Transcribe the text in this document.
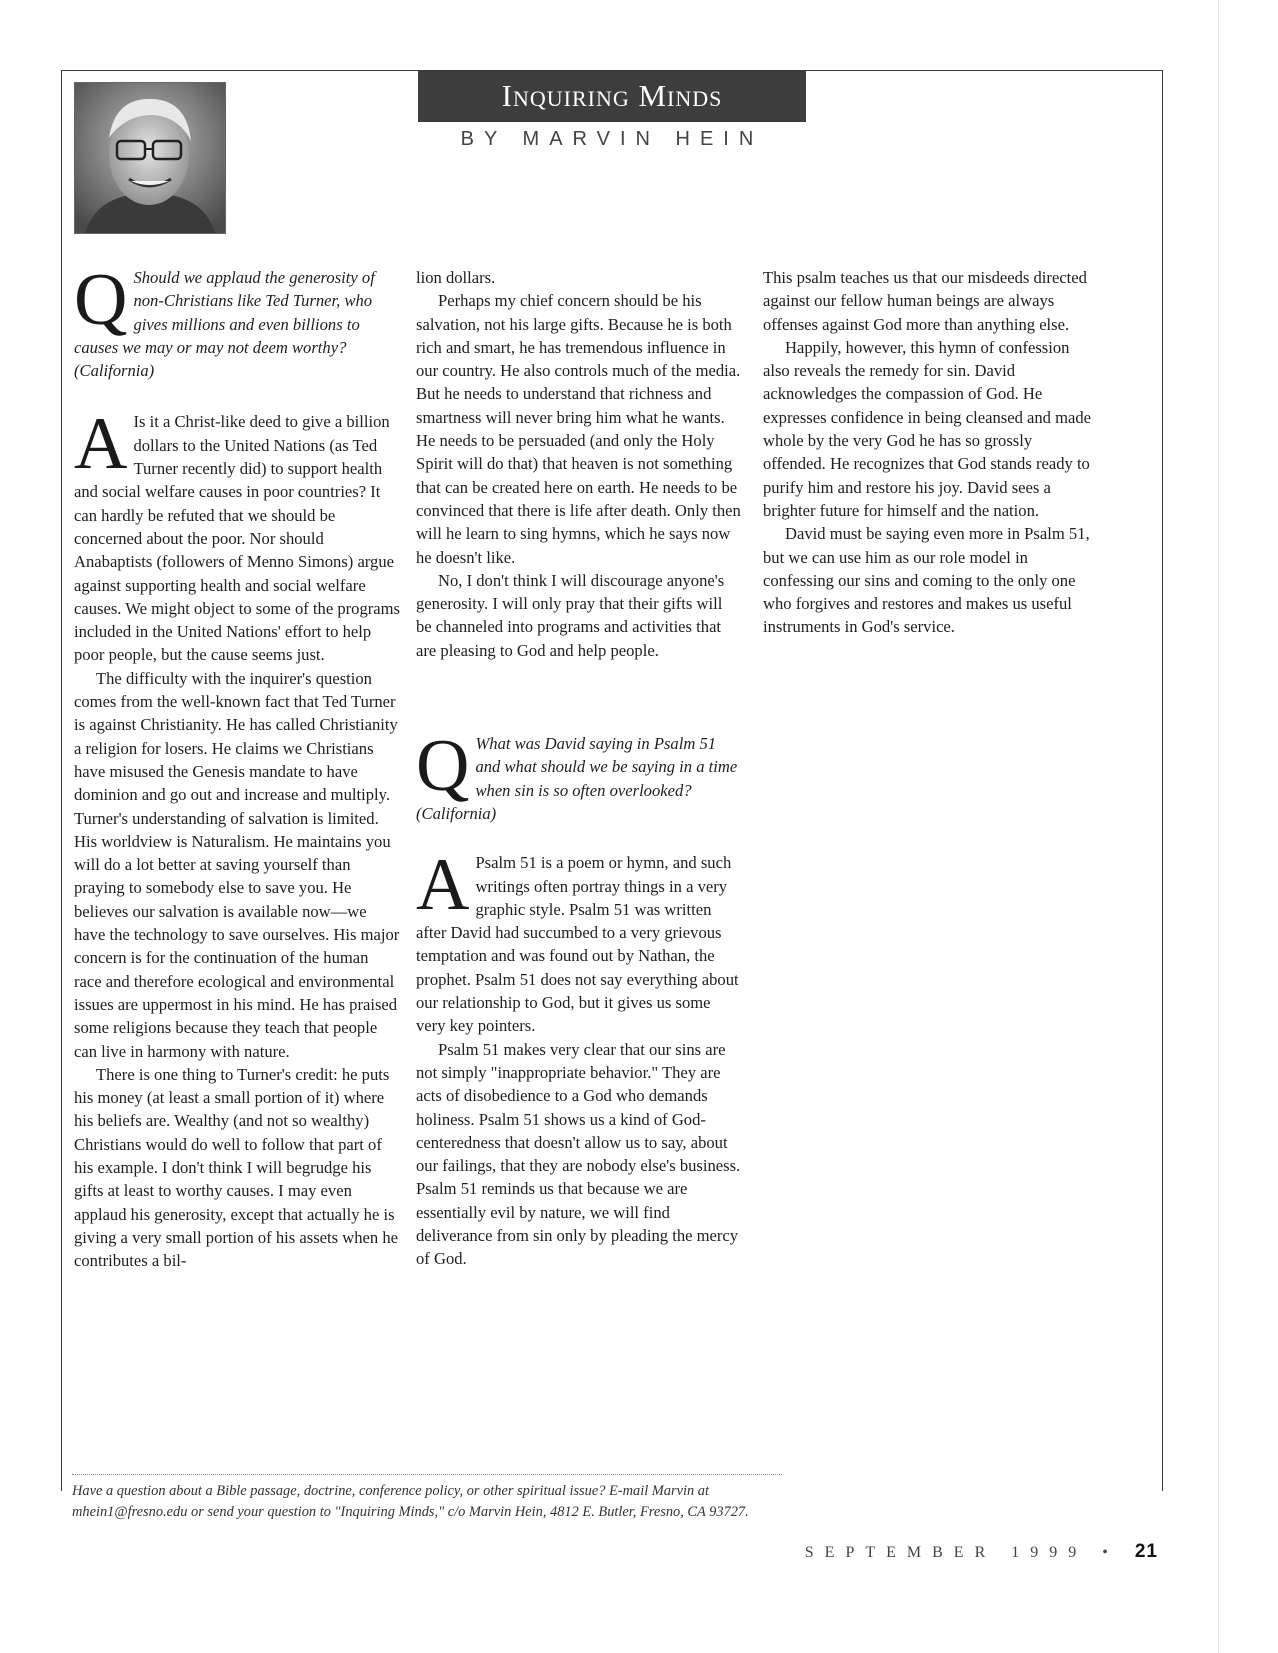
Inquiring Minds
BY MARVIN HEIN
Q Should we applaud the generosity of non-Christians like Ted Turner, who gives millions and even billions to causes we may or may not deem worthy? (California)

A Is it a Christ-like deed to give a billion dollars to the United Nations (as Ted Turner recently did) to support health and social welfare causes in poor countries? It can hardly be refuted that we should be concerned about the poor. Nor should Anabaptists (followers of Menno Simons) argue against supporting health and social welfare causes. We might object to some of the programs included in the United Nations' effort to help poor people, but the cause seems just.

The difficulty with the inquirer's question comes from the well-known fact that Ted Turner is against Christianity. He has called Christianity a religion for losers. He claims we Christians have misused the Genesis mandate to have dominion and go out and increase and multiply. Turner's understanding of salvation is limited. His worldview is Naturalism. He maintains you will do a lot better at saving yourself than praying to somebody else to save you. He believes our salvation is available now—we have the technology to save ourselves. His major concern is for the continuation of the human race and therefore ecological and environmental issues are uppermost in his mind. He has praised some religions because they teach that people can live in harmony with nature.

There is one thing to Turner's credit: he puts his money (at least a small portion of it) where his beliefs are. Wealthy (and not so wealthy) Christians would do well to follow that part of his example. I don't think I will begrudge his gifts at least to worthy causes. I may even applaud his generosity, except that actually he is giving a very small portion of his assets when he contributes a bil-

lion dollars.

Perhaps my chief concern should be his salvation, not his large gifts. Because he is both rich and smart, he has tremendous influence in our country. He also controls much of the media. But he needs to understand that richness and smartness will never bring him what he wants. He needs to be persuaded (and only the Holy Spirit will do that) that heaven is not something that can be created here on earth. He needs to be convinced that there is life after death. Only then will he learn to sing hymns, which he says now he doesn't like.

No, I don't think I will discourage anyone's generosity. I will only pray that their gifts will be channeled into programs and activities that are pleasing to God and help people.

Q What was David saying in Psalm 51 and what should we be saying in a time when sin is so often overlooked? (California)

A Psalm 51 is a poem or hymn, and such writings often portray things in a very graphic style. Psalm 51 was written after David had succumbed to a very grievous temptation and was found out by Nathan, the prophet. Psalm 51 does not say everything about our relationship to God, but it gives us some very key pointers.

Psalm 51 makes very clear that our sins are not simply "inappropriate behavior." They are acts of disobedience to a God who demands holiness. Psalm 51 shows us a kind of God-centeredness that doesn't allow us to say, about our failings, that they are nobody else's business. Psalm 51 reminds us that because we are essentially evil by nature, we will find deliverance from sin only by pleading the mercy of God.

This psalm teaches us that our misdeeds directed against our fellow human beings are always offenses against God more than anything else.

Happily, however, this hymn of confession also reveals the remedy for sin. David acknowledges the compassion of God. He expresses confidence in being cleansed and made whole by the very God he has so grossly offended. He recognizes that God stands ready to purify him and restore his joy. David sees a brighter future for himself and the nation.

David must be saying even more in Psalm 51, but we can use him as our role model in confessing our sins and coming to the only one who forgives and restores and makes us useful instruments in God's service.

Have a question about a Bible passage, doctrine, conference policy, or other spiritual issue? E-mail Marvin at mhein1@fresno.edu or send your question to "Inquiring Minds," c/o Marvin Hein, 4812 E. Butler, Fresno, CA 93727.
SEPTEMBER 1999 • 21
